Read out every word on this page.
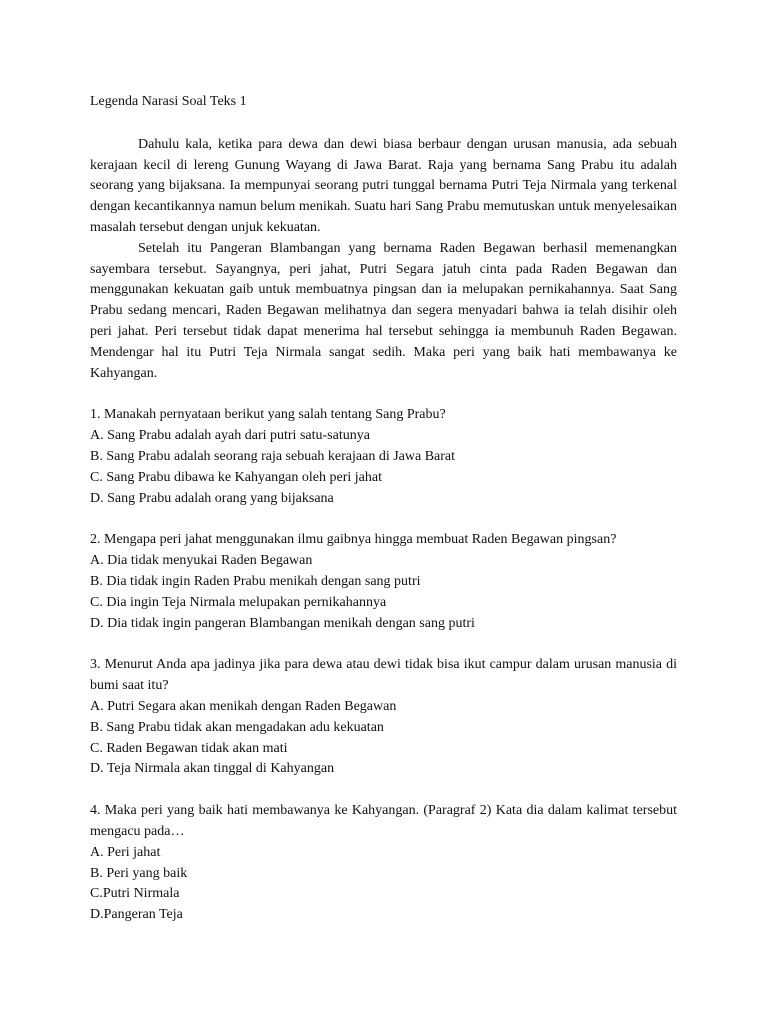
Legenda Narasi Soal Teks 1

Dahulu kala, ketika para dewa dan dewi biasa berbaur dengan urusan manusia, ada sebuah kerajaan kecil di lereng Gunung Wayang di Jawa Barat. Raja yang bernama Sang Prabu itu adalah seorang yang bijaksana. Ia mempunyai seorang putri tunggal bernama Putri Teja Nirmala yang terkenal dengan kecantikannya namun belum menikah. Suatu hari Sang Prabu memutuskan untuk menyelesaikan masalah tersebut dengan unjuk kekuatan.

Setelah itu Pangeran Blambangan yang bernama Raden Begawan berhasil memenangkan sayembara tersebut. Sayangnya, peri jahat, Putri Segara jatuh cinta pada Raden Begawan dan menggunakan kekuatan gaib untuk membuatnya pingsan dan ia melupakan pernikahannya. Saat Sang Prabu sedang mencari, Raden Begawan melihatnya dan segera menyadari bahwa ia telah disihir oleh peri jahat. Peri tersebut tidak dapat menerima hal tersebut sehingga ia membunuh Raden Begawan. Mendengar hal itu Putri Teja Nirmala sangat sedih. Maka peri yang baik hati membawanya ke Kahyangan.

1. Manakah pernyataan berikut yang salah tentang Sang Prabu?

A. Sang Prabu adalah ayah dari putri satu-satunya

B. Sang Prabu adalah seorang raja sebuah kerajaan di Jawa Barat

C. Sang Prabu dibawa ke Kahyangan oleh peri jahat

D. Sang Prabu adalah orang yang bijaksana

2. Mengapa peri jahat menggunakan ilmu gaibnya hingga membuat Raden Begawan pingsan?

A. Dia tidak menyukai Raden Begawan

B. Dia tidak ingin Raden Prabu menikah dengan sang putri

C. Dia ingin Teja Nirmala melupakan pernikahannya

D. Dia tidak ingin pangeran Blambangan menikah dengan sang putri

3. Menurut Anda apa jadinya jika para dewa atau dewi tidak bisa ikut campur dalam urusan manusia di bumi saat itu?

A. Putri Segara akan menikah dengan Raden Begawan

B. Sang Prabu tidak akan mengadakan adu kekuatan

C. Raden Begawan tidak akan mati

D. Teja Nirmala akan tinggal di Kahyangan

4. Maka peri yang baik hati membawanya ke Kahyangan. (Paragraf 2) Kata dia dalam kalimat tersebut mengacu pada…

A. Peri jahat

B. Peri yang baik

C.Putri Nirmala

D.Pangeran Teja
